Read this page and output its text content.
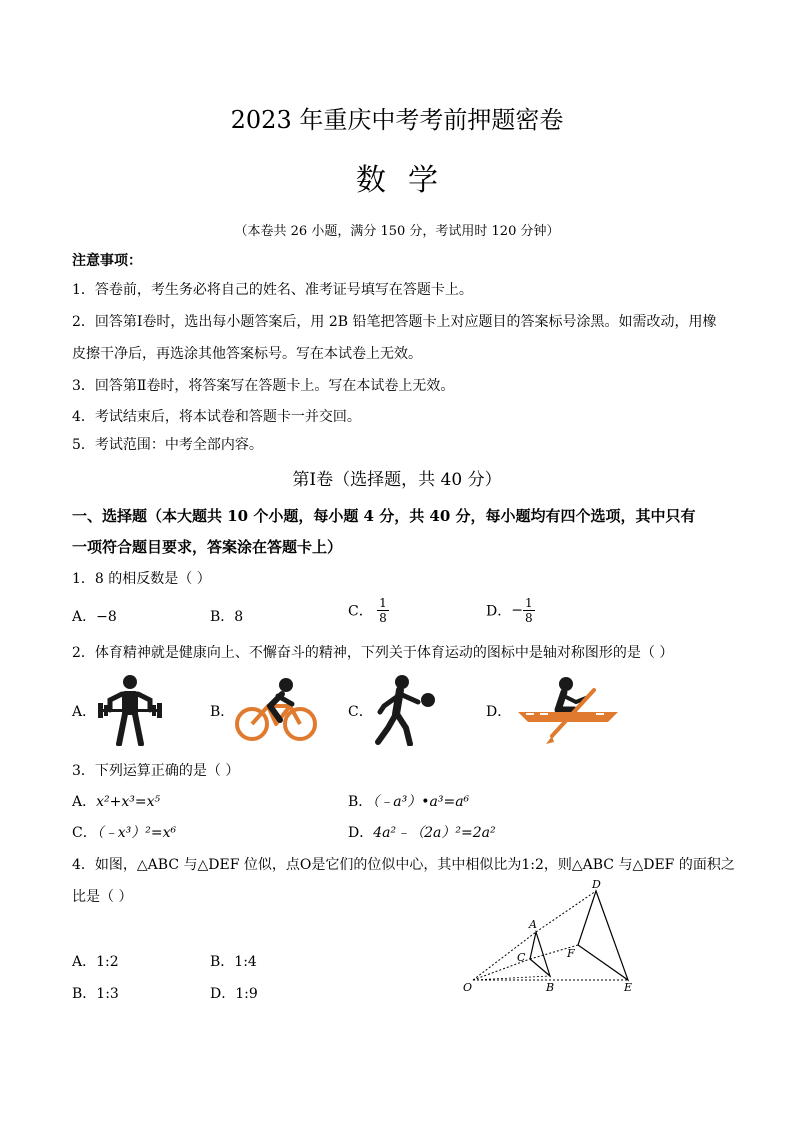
2023 年重庆中考考前押题密卷
数学
（本卷共 26 小题，满分 150 分，考试用时 120 分钟）
注意事项：
1．答卷前，考生务必将自己的姓名、准考证号填写在答题卡上。
2．回答第Ⅰ卷时，选出每小题答案后，用 2B 铅笔把答题卡上对应题目的答案标号涂黑。如需改动，用橡
皮擦干净后，再选涂其他答案标号。写在本试卷上无效。
3．回答第Ⅱ卷时，将答案写在答题卡上。写在本试卷上无效。
4．考试结束后，将本试卷和答题卡一并交回。
5．考试范围：中考全部内容。
第Ⅰ卷（选择题，共 40 分）
一、选择题（本大题共 10 个小题，每小题 4 分，共 40 分，每小题均有四个选项，其中只有
一项符合题目要求，答案涂在答题卡上）
1．8 的相反数是（ ）
A．−8	B．8	C． $\frac{1}{8}$	D．− $\frac{1}{8}$
2．体育精神就是健康向上、不懈奋斗的精神，下列关于体育运动的图标中是轴对称图形的是（ ）
A．	B．	C．	D．
3．下列运算正确的是（ ）
A．x²+x³=x⁵	B．（﹣a³）•a³=a⁶
C．（﹣x³）²=x⁶	D．4a²﹣（2a）²=2a²
4．如图，△ABC 与△DEF 位似，点O是它们的位似中心，其中相似比为1:2，则△ABC 与△DEF 的面积之
比是（ ）
A．1:2	B．1:4
B．1:3	D．1:9	O
A
B
C
D
E
F
